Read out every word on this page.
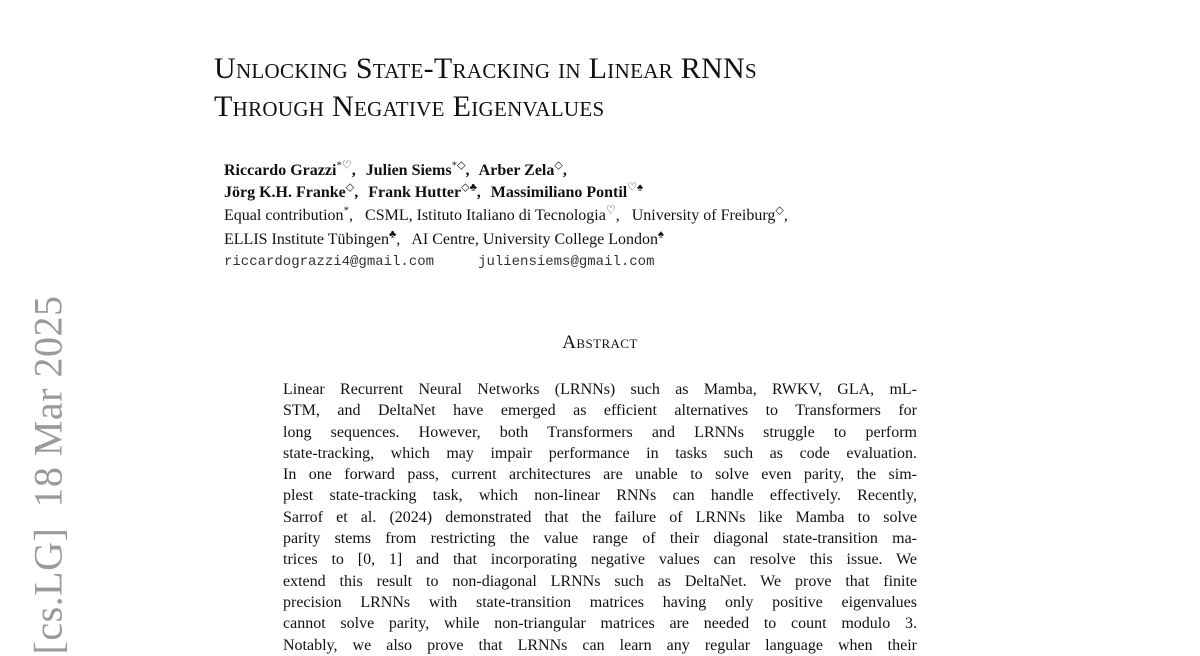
[cs.LG]18 Mar 2025
Unlocking State-Tracking in Linear RNNs
Through Negative Eigenvalues
Riccardo Grazzi*♡, Julien Siems*◇, Arber Zela◇,
Jörg K.H. Franke◇, Frank Hutter◇♣, Massimiliano Pontil♡♠
Equal contribution*, CSML, Istituto Italiano di Tecnologia♡, University of Freiburg◇,
ELLIS Institute Tübingen♣, AI Centre, University College London♠
riccardograzzi4@gmail.com	juliensiems@gmail.com
Abstract
Linear Recurrent Neural Networks (LRNNs) such as Mamba, RWKV, GLA, mL-
STM, and DeltaNet have emerged as efficient alternatives to Transformers for
long sequences. However, both Transformers and LRNNs struggle to perform
state-tracking, which may impair performance in tasks such as code evaluation.
In one forward pass, current architectures are unable to solve even parity, the sim-
plest state-tracking task, which non-linear RNNs can handle effectively. Recently,
Sarrof et al. (2024) demonstrated that the failure of LRNNs like Mamba to solve
parity stems from restricting the value range of their diagonal state-transition ma-
trices to [0, 1] and that incorporating negative values can resolve this issue. We
extend this result to non-diagonal LRNNs such as DeltaNet. We prove that finite
precision LRNNs with state-transition matrices having only positive eigenvalues
cannot solve parity, while non-triangular matrices are needed to count modulo 3.
Notably, we also prove that LRNNs can learn any regular language when their
